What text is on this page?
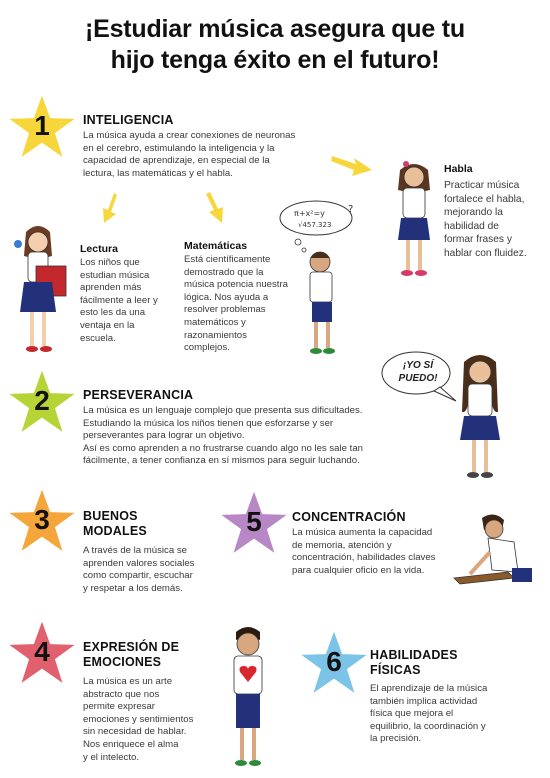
¡Estudiar música asegura que tu
hijo tenga éxito en el futuro!
1	INTELIGENCIA
La música ayuda a crear conexiones de neuronas
en el cerebro, estimulando la inteligencia y la
capacidad de aprendizaje, en especial de la
lectura, las matemáticas y el habla.
Lectura
Los niños que
estudian música
aprenden más
fácilmente a leer y
esto les da una
ventaja en la
escuela.
Matemáticas
Está científicamente
demostrado que la
música potencia nuestra
lógica. Nos ayuda a
resolver problemas
matemáticos y
razonamientos
complejos.
Habla
Practicar música
fortalece el habla,
mejorando la
habilidad de
formar frases y
hablar con fluidez.
π+x²=y
√457.323
?
2	PERSEVERANCIA
La música es un lenguaje complejo que presenta sus dificultades.
Estudiando la música los niños tienen que esforzarse y ser
perseverantes para lograr un objetivo.
Así es como aprenden a no frustrarse cuando algo no les sale tan
fácilmente, a tener confianza en sí mismos para seguir luchando.
¡YO SÍ
PUEDO!
3	BUENOS
MODALES
A través de la música se
aprenden valores sociales
como compartir, escuchar
y respetar a los demás.
5	CONCENTRACIÓN
La música aumenta la capacidad
de memoria, atención y
concentración, habilidades claves
para cualquier oficio en la vida.
4	EXPRESIÓN DE
EMOCIONES
La música es un arte
abstracto que nos
permite expresar
emociones y sentimientos
sin necesidad de hablar.
Nos enriquece el alma
y el intelecto.
6	HABILIDADES
FÍSICAS
El aprendizaje de la música
también implica actividad
física que mejora el
equilibrio, la coordinación y
la precisión.
